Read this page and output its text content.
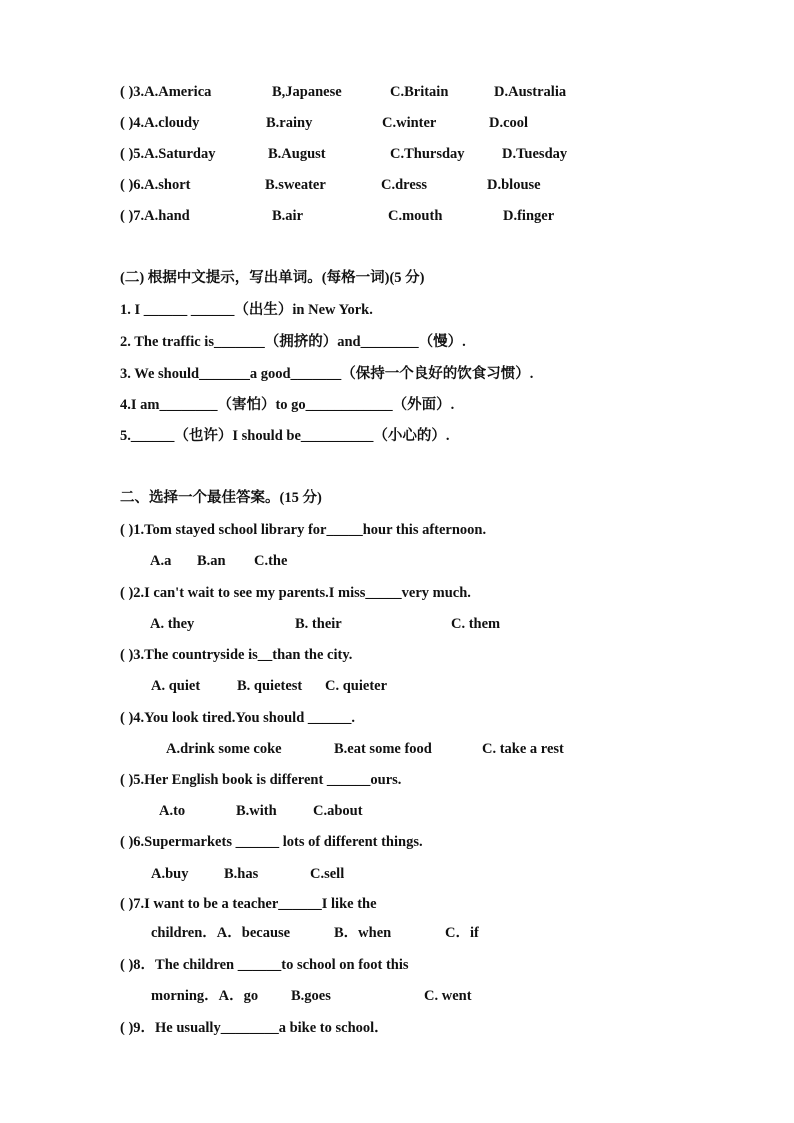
( )3.A.America	B,Japanese	C.Britain	D.Australia
( )4.A.cloudy	B.rainy	C.winter	D.cool
( )5.A.Saturday	B.August	C.Thursday	D.Tuesday
( )6.A.short	B.sweater	C.dress	D.blouse
( )7.A.hand	B.air	C.mouth	D.finger
(二) 根据中文提示，写出单词。(每格一词)(5 分)
1. I ______ ______（出生）in New York.
2. The traffic is_______（拥挤的）and________（慢）.
3. We should_______a good_______（保持一个良好的饮食习惯）.
4.I am________（害怕）to go____________（外面）.
5.______（也许）I should be__________（小心的）.
二、选择一个最佳答案。(15 分)
( )1.Tom stayed school library for_____hour this afternoon.
A.a B.an C.the
( )2.I can't wait to see my parents.I miss_____very much.
A. they	B. their	C. them
( )3.The countryside is__than the city.
A. quiet	B. quietest C. quieter
( )4.You look tired.You should ______.
A.drink some coke	B.eat some food	C. take a rest
( )5.Her English book is different ______ours.
A.to	B.with	C.about
( )6.Supermarkets ______ lots of different things.
A.buy B.has	C.sell
( )7.I want to be a teacher______I like the
children．A．because	B．when	C．if
( )8．The children ______to school on foot this
morning．A．go B.goes	C. went
( )9．He usually________a bike to school．
